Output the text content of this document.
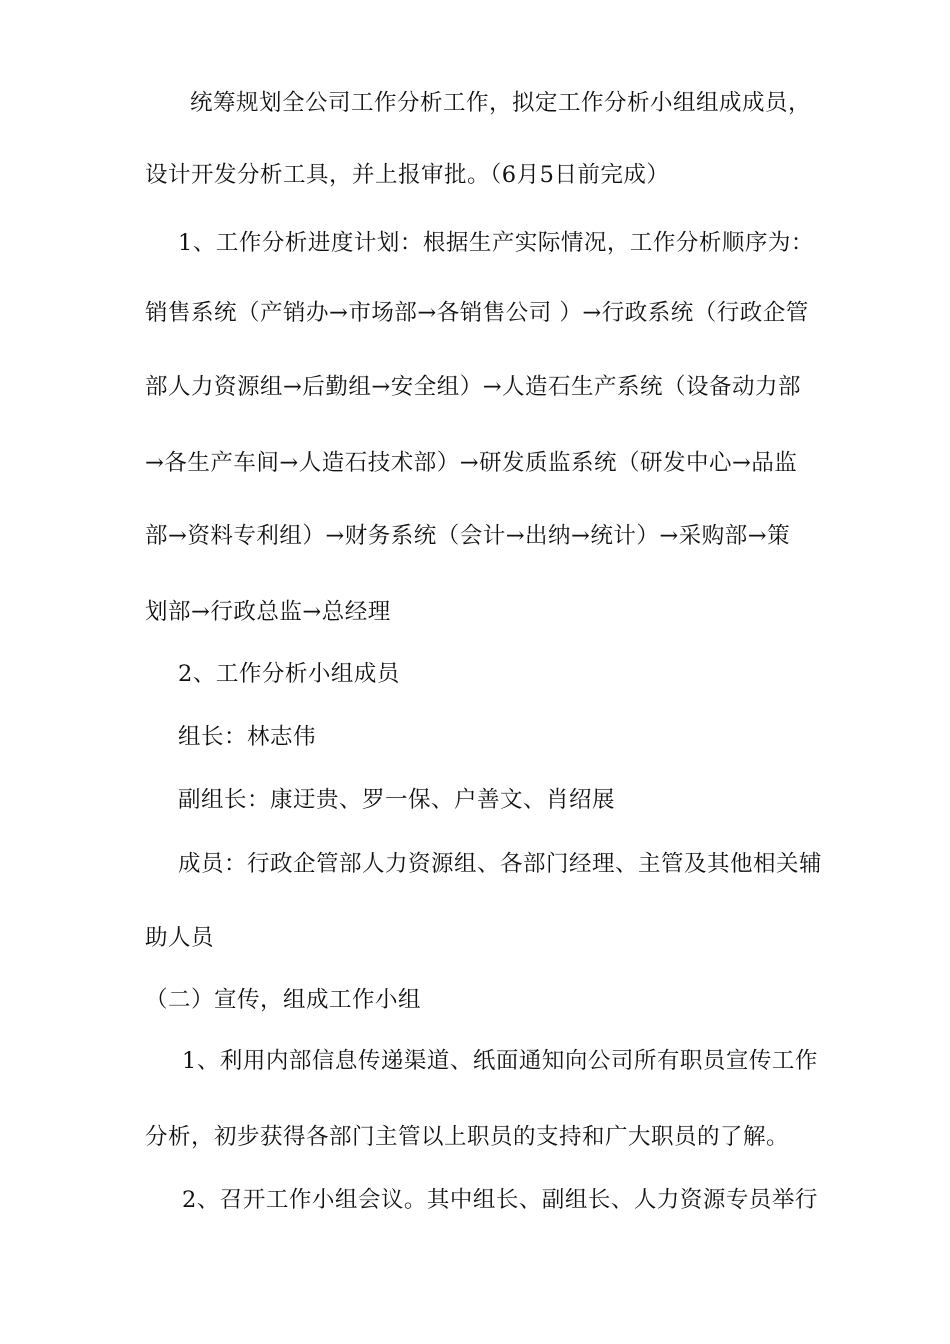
统筹规划全公司工作分析工作，拟定工作分析小组组成成员，
设计开发分析工具，并上报审批。（6月5日前完成）
1、工作分析进度计划：根据生产实际情况，工作分析顺序为：
销售系统（产销办→市场部→各销售公司 ）→行政系统（行政企管
部人力资源组→后勤组→安全组）→人造石生产系统（设备动力部
→各生产车间→人造石技术部）→研发质监系统（研发中心→品监
部→资料专利组）→财务系统（会计→出纳→统计）→采购部→策
划部→行政总监→总经理
2、工作分析小组成员
组长：林志伟
副组长：康迂贵、罗一保、户善文、肖绍展
成员：行政企管部人力资源组、各部门经理、主管及其他相关辅
助人员
（二）宣传，组成工作小组
1、利用内部信息传递渠道、纸面通知向公司所有职员宣传工作
分析，初步获得各部门主管以上职员的支持和广大职员的了解。
2、召开工作小组会议。其中组长、副组长、人力资源专员举行
